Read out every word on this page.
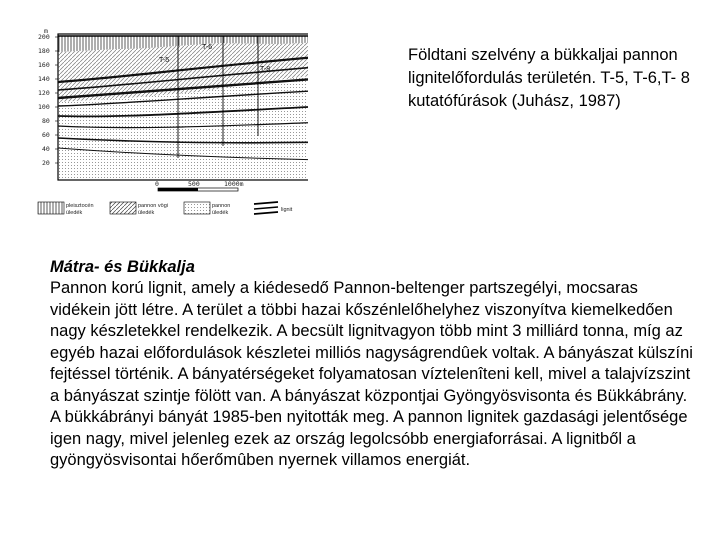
T-5
T-6
T-8
m
200
180
160
140
120
100
80
60
40
20
0	500	1000m
pleisztocén
üledék
pannon vögi
üledék
pannon
üledék	lignit
Földtani szelvény a bükkaljai pannon lignitelőfordulás területén. T-5, T-6,T- 8 kutatófúrások (Juhász, 1987)
Mátra- és Bükkalja
Pannon korú lignit, amely a kiédesedő Pannon-beltenger partszegélyi, mocsaras vidékein jött létre. A terület a többi hazai kőszénlelőhelyhez viszonyítva kiemelkedően nagy készletekkel rendelkezik. A becsült lignitvagyon több mint 3 milliárd tonna, míg az egyéb hazai előfordulások készletei milliós nagyságrendûek voltak. A bányászat külszíni fejtéssel történik. A bányatérségeket folyamatosan víztelenîteni kell, mivel a talajvízszint a bányászat szintje fölött van. A bányászat központjai Gyöngyösvisonta és Bükkábrány. A bükkábrányi bányát 1985-ben nyitották meg. A pannon lignitek gazdasági jelentősége igen nagy, mivel jelenleg ezek az ország legolcsóbb energiaforrásai. A lignitből a gyöngyösvisontai hőerőmûben nyernek villamos energiát.
